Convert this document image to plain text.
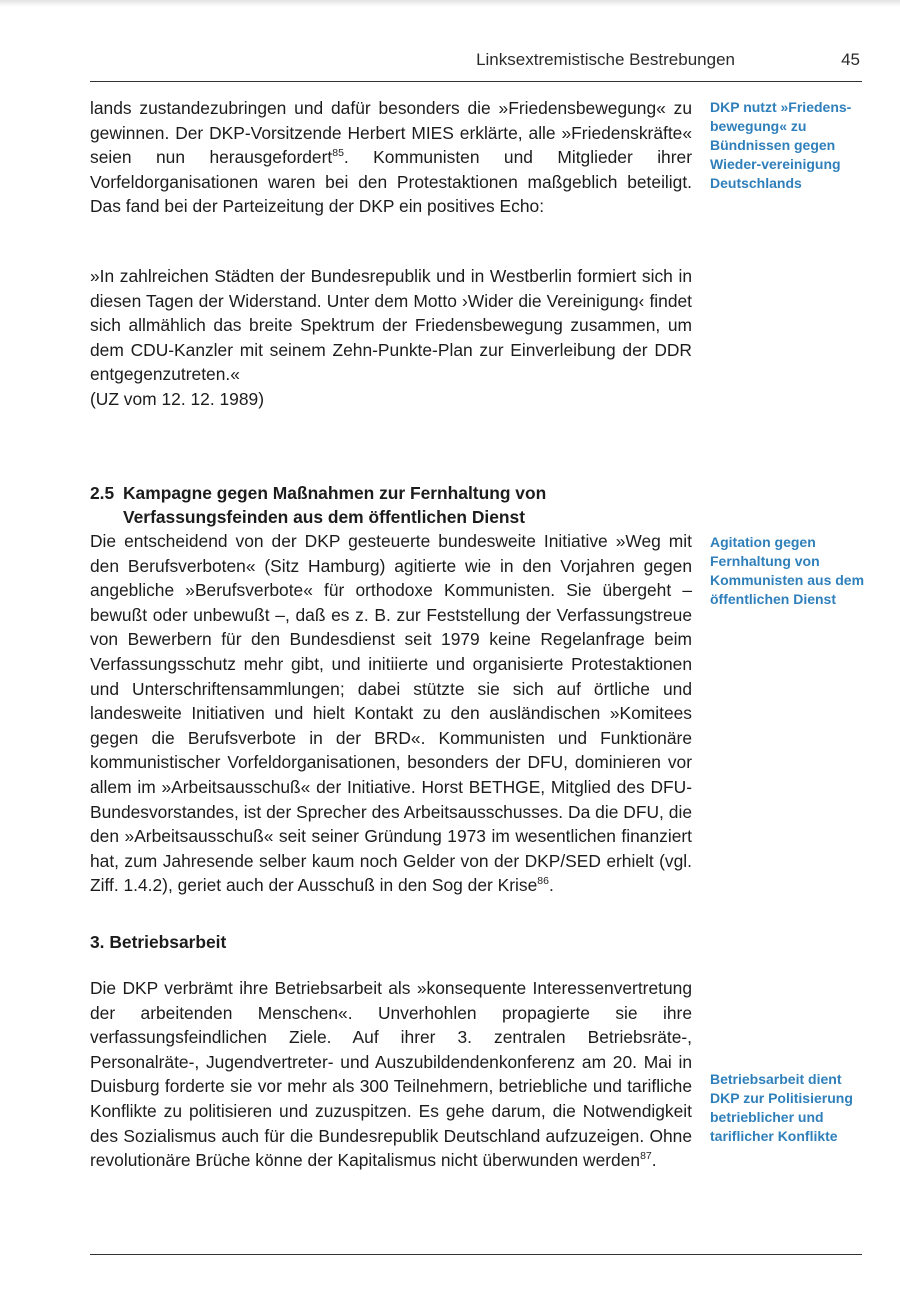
Linksextremistische Bestrebungen	45

lands zustandezubringen und dafür besonders die »Friedensbewegung« zu gewinnen. Der DKP-Vorsitzende Herbert MIES erklärte, alle »Friedenskräfte« seien nun herausgefordert$^{85}$. Kommunisten und Mitglieder ihrer Vorfeldorganisationen waren bei den Protestaktionen maßgeblich beteiligt. Das fand bei der Parteizeitung der DKP ein positives Echo:

DKP nutzt »Friedens-bewegung« zu Bündnissen gegen Wieder-vereinigung Deutschlands

»In zahlreichen Städten der Bundesrepublik und in Westberlin formiert sich in diesen Tagen der Widerstand. Unter dem Motto ›Wider die Vereinigung‹ findet sich allmählich das breite Spektrum der Friedensbewegung zusammen, um dem CDU-Kanzler mit seinem Zehn-Punkte-Plan zur Einverleibung der DDR entgegenzutreten.«
(UZ vom 12. 12. 1989)

2.5 Kampagne gegen Maßnahmen zur Fernhaltung von Verfassungsfeinden aus dem öffentlichen Dienst

Die entscheidend von der DKP gesteuerte bundesweite Initiative »Weg mit den Berufsverboten« (Sitz Hamburg) agitierte wie in den Vorjahren gegen angebliche »Berufsverbote« für orthodoxe Kommunisten. Sie übergeht – bewußt oder unbewußt –, daß es z. B. zur Feststellung der Verfassungstreue von Bewerbern für den Bundesdienst seit 1979 keine Regelanfrage beim Verfassungsschutz mehr gibt, und initiierte und organisierte Protestaktionen und Unterschriftensammlungen; dabei stützte sie sich auf örtliche und landesweite Initiativen und hielt Kontakt zu den ausländischen »Komitees gegen die Berufsverbote in der BRD«. Kommunisten und Funktionäre kommunistischer Vorfeldorganisationen, besonders der DFU, dominieren vor allem im »Arbeitsausschuß« der Initiative. Horst BETHGE, Mitglied des DFU-Bundesvorstandes, ist der Sprecher des Arbeitsausschusses. Da die DFU, die den »Arbeitsausschuß« seit seiner Gründung 1973 im wesentlichen finanziert hat, zum Jahresende selber kaum noch Gelder von der DKP/SED erhielt (vgl. Ziff. 1.4.2), geriet auch der Ausschuß in den Sog der Krise$^{86}$.

Agitation gegen Fernhaltung von Kommunisten aus dem öffentlichen Dienst

3. Betriebsarbeit

Die DKP verbrämt ihre Betriebsarbeit als »konsequente Interessenvertretung der arbeitenden Menschen«. Unverhohlen propagierte sie ihre verfassungsfeindlichen Ziele. Auf ihrer 3. zentralen Betriebsräte-, Personalräte-, Jugendvertreter- und Auszubildendenkonferenz am 20. Mai in Duisburg forderte sie vor mehr als 300 Teilnehmern, betriebliche und tarifliche Konflikte zu politisieren und zuzuspitzen. Es gehe darum, die Notwendigkeit des Sozialismus auch für die Bundesrepublik Deutschland aufzuzeigen. Ohne revolutionäre Brüche könne der Kapitalismus nicht überwunden werden$^{87}$.

Betriebsarbeit dient DKP zur Politisierung betrieblicher und tariflicher Konflikte
